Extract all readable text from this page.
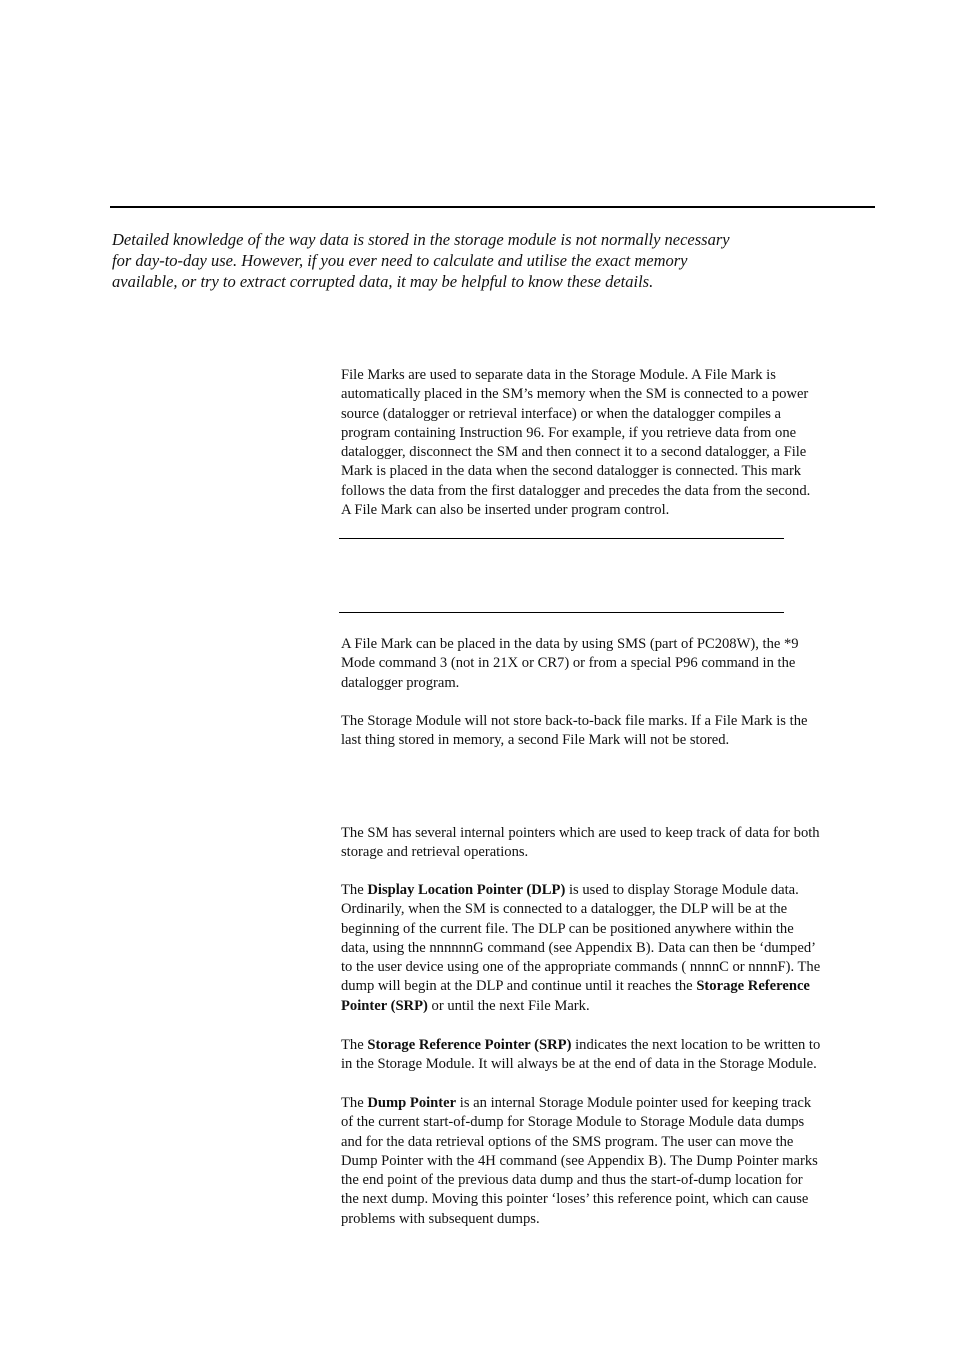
Detailed knowledge of the way data is stored in the storage module is not normally necessary
for day-to-day use. However, if you ever need to calculate and utilise the exact memory
available, or try to extract corrupted data, it may be helpful to know these details.
File Marks are used to separate data in the Storage Module. A File Mark is
automatically placed in the SM’s memory when the SM is connected to a power
source (datalogger or retrieval interface) or when the datalogger compiles a
program containing Instruction 96. For example, if you retrieve data from one
datalogger, disconnect the SM and then connect it to a second datalogger, a File
Mark is placed in the data when the second datalogger is connected. This mark
follows the data from the first datalogger and precedes the data from the second.
A File Mark can also be inserted under program control.
A File Mark can be placed in the data by using SMS (part of PC208W), the *9
Mode command 3 (not in 21X or CR7) or from a special P96 command in the
datalogger program.
The Storage Module will not store back-to-back file marks. If a File Mark is the
last thing stored in memory, a second File Mark will not be stored.
The SM has several internal pointers which are used to keep track of data for both
storage and retrieval operations.
The Display Location Pointer (DLP) is used to display Storage Module data.
Ordinarily, when the SM is connected to a datalogger, the DLP will be at the
beginning of the current file. The DLP can be positioned anywhere within the
data, using the nnnnnnG command (see Appendix B). Data can then be ‘dumped’
to the user device using one of the appropriate commands ( nnnnC or nnnnF). The
dump will begin at the DLP and continue until it reaches the Storage Reference
Pointer (SRP) or until the next File Mark.
The Storage Reference Pointer (SRP) indicates the next location to be written to
in the Storage Module. It will always be at the end of data in the Storage Module.
The Dump Pointer is an internal Storage Module pointer used for keeping track
of the current start-of-dump for Storage Module to Storage Module data dumps
and for the data retrieval options of the SMS program. The user can move the
Dump Pointer with the 4H command (see Appendix B). The Dump Pointer marks
the end point of the previous data dump and thus the start-of-dump location for
the next dump. Moving this pointer ‘loses’ this reference point, which can cause
problems with subsequent dumps.
